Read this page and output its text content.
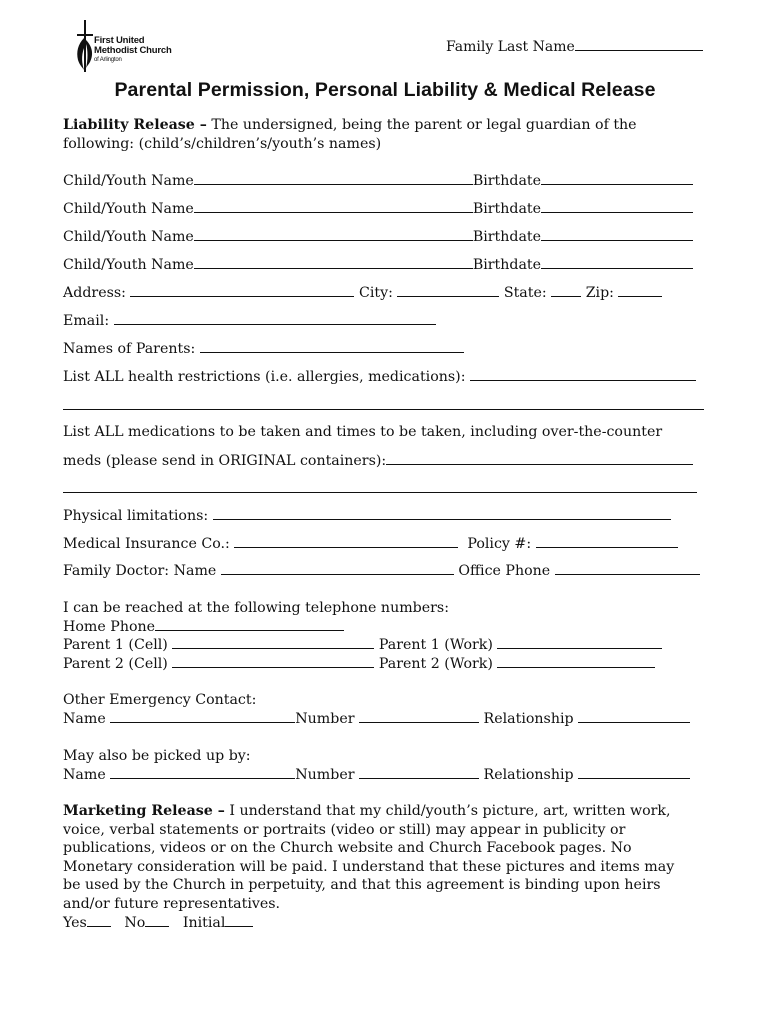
First United
Methodist Church
of Arlington
Family Last Name
Parental Permission, Personal Liability & Medical Release
Liability Release – The undersigned, being the parent or legal guardian of the
following: (child’s/children’s/youth’s names)
Child/Youth Name	Birthdate
Child/Youth Name	Birthdate
Child/Youth Name	Birthdate
Child/Youth Name	Birthdate
Address:	City:	State:	Zip:
Email:
Names of Parents:
List ALL health restrictions (i.e. allergies, medications):
List ALL medications to be taken and times to be taken, including over-the-counter
meds (please send in ORIGINAL containers):
Physical limitations:
Medical Insurance Co.:	Policy #:
Family Doctor: Name	Office Phone
I can be reached at the following telephone numbers:
Home Phone
Parent 1 (Cell)	Parent 1 (Work)
Parent 2 (Cell)	Parent 2 (Work)
Other Emergency Contact:
Name	Number	Relationship
May also be picked up by:
Name	Number	Relationship
Marketing Release – I understand that my child/youth’s picture, art, written work,
voice, verbal statements or portraits (video or still) may appear in publicity or
publications, videos or on the Church website and Church Facebook pages. No
Monetary consideration will be paid. I understand that these pictures and items may
be used by the Church in perpetuity, and that this agreement is binding upon heirs
and/or future representatives.
Yes	No	Initial
